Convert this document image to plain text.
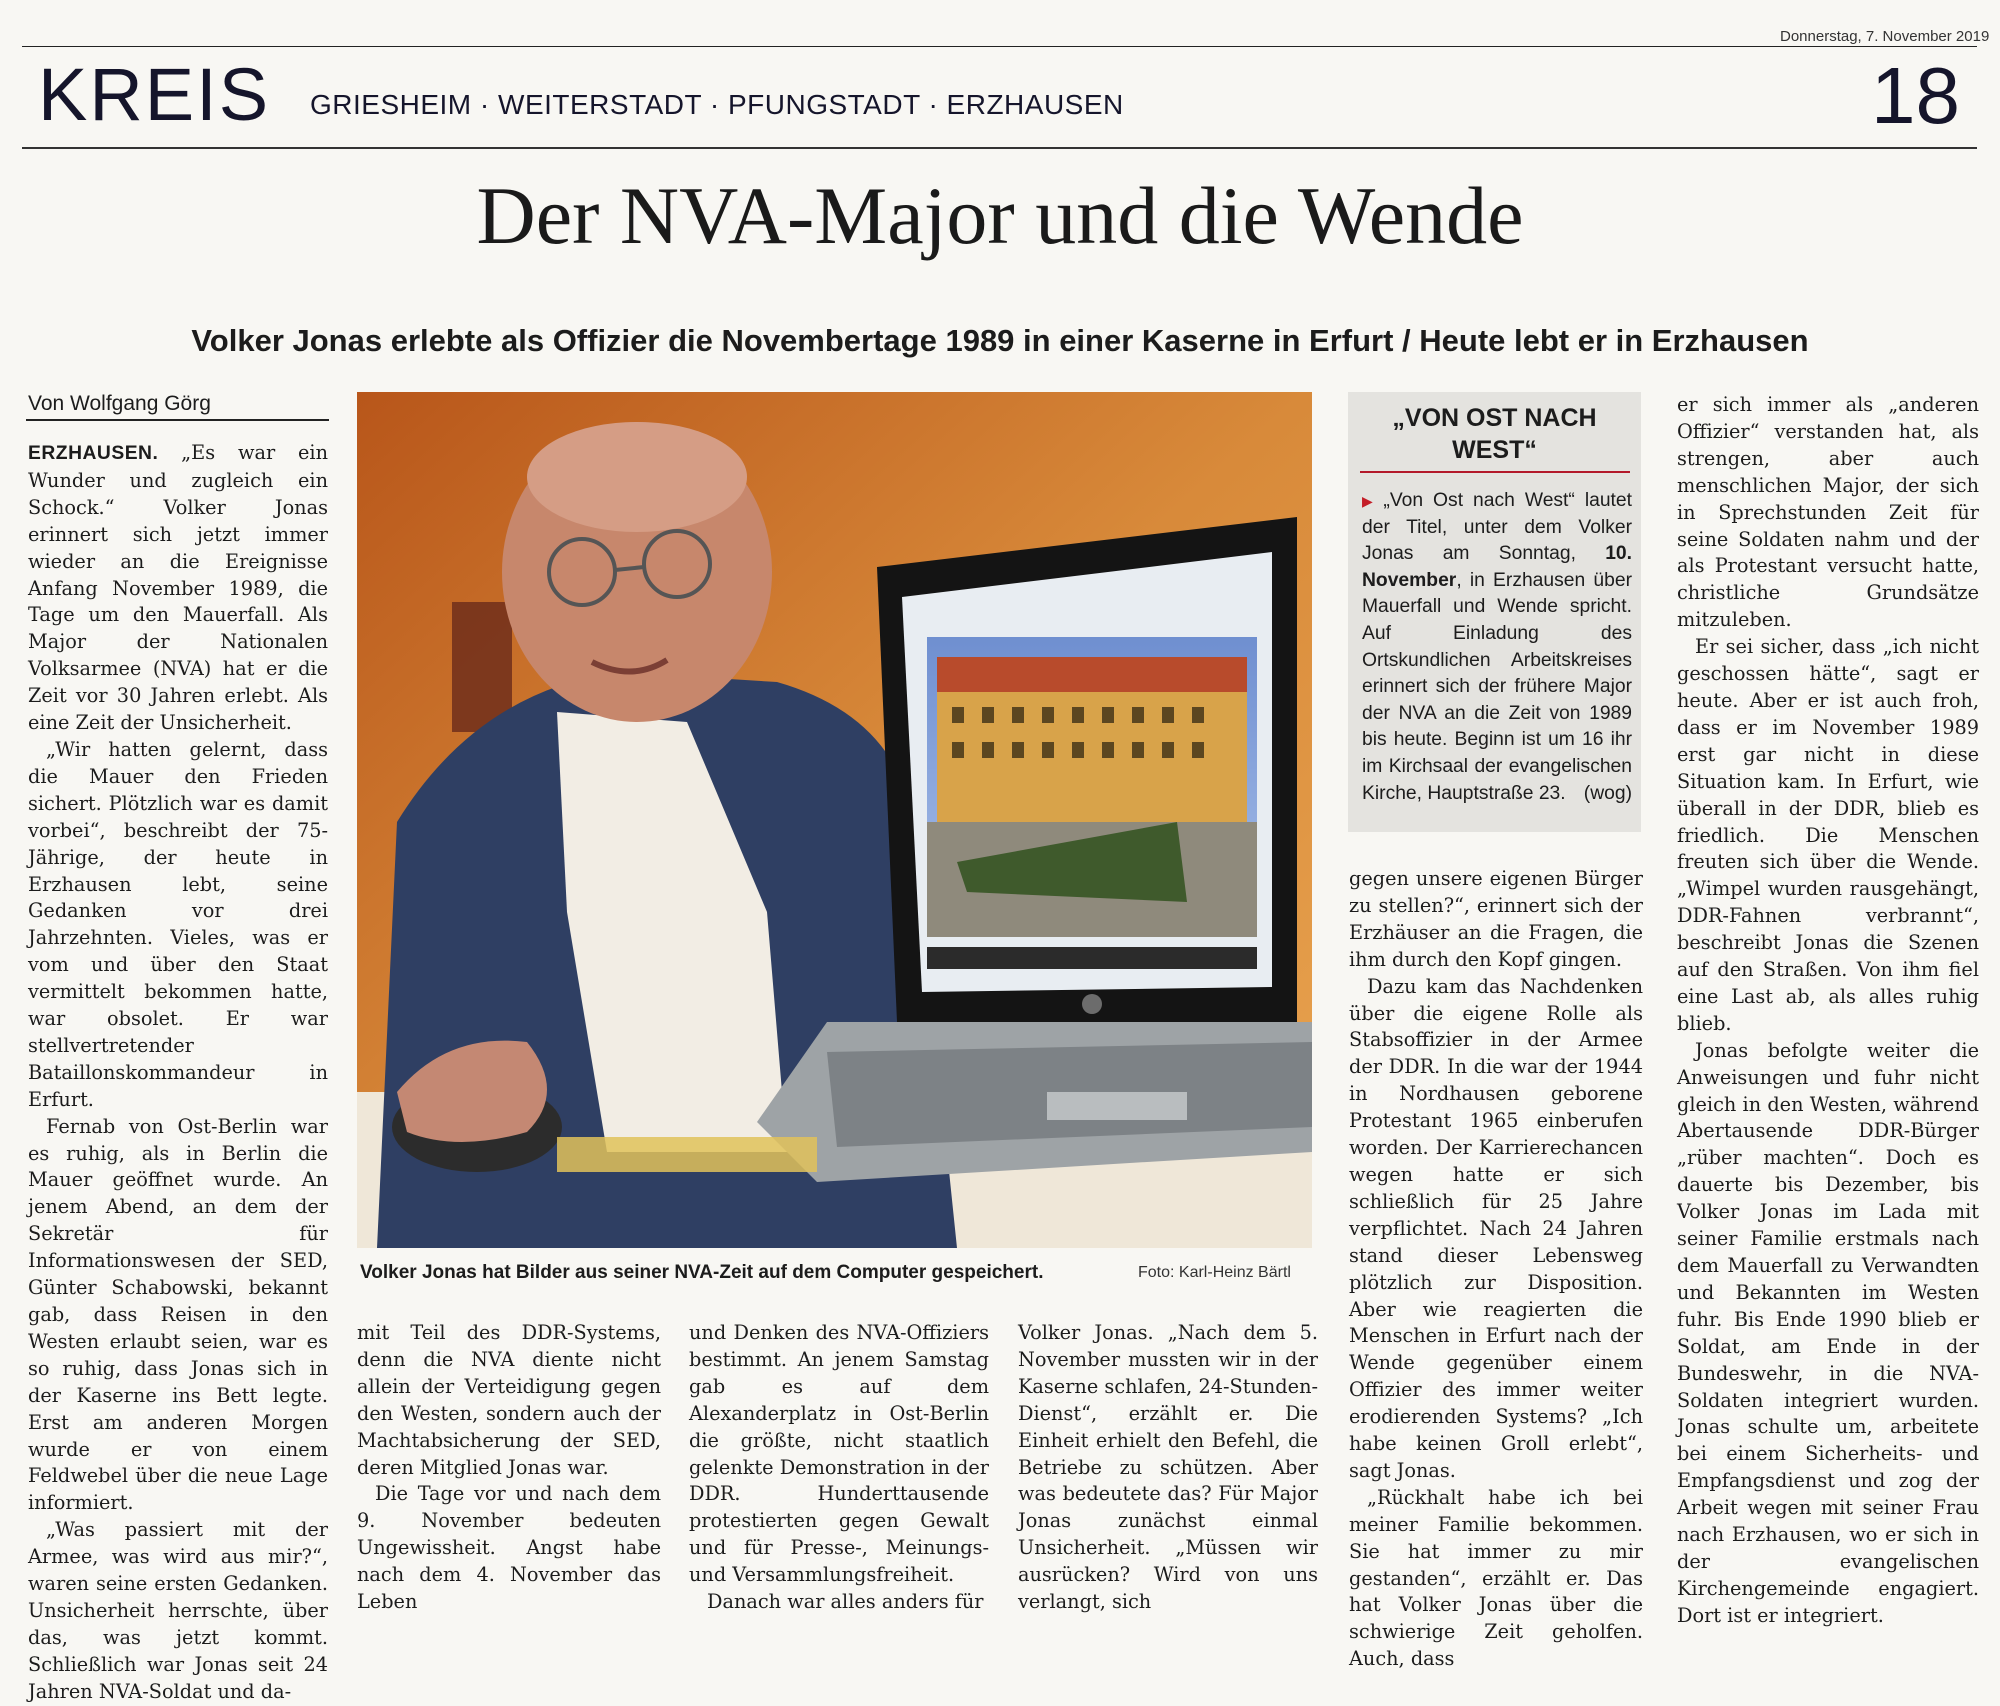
Donnerstag, 7. November 2019
KREIS GRIESHEIM · WEITERSTADT · PFUNGSTADT · ERZHAUSEN	18
Der NVA-Major und die Wende
Volker Jonas erlebte als Offizier die Novembertage 1989 in einer Kaserne in Erfurt / Heute lebt er in Erzhausen
Von Wolfgang Görg

ERZHAUSEN. „Es war ein Wunder und zugleich ein Schock.“ Volker Jonas erinnert sich jetzt immer wieder an die Ereignisse Anfang November 1989, die Tage um den Mauerfall. Als Major der Nationalen Volksarmee (NVA) hat er die Zeit vor 30 Jahren erlebt. Als eine Zeit der Unsicherheit.

„Wir hatten gelernt, dass die Mauer den Frieden sichert. Plötzlich war es damit vorbei“, beschreibt der 75-Jährige, der heute in Erzhausen lebt, seine Gedanken vor drei Jahrzehnten. Vieles, was er vom und über den Staat vermittelt bekommen hatte, war obsolet. Er war stellvertretender Bataillonskommandeur in Erfurt.

Fernab von Ost-Berlin war es ruhig, als in Berlin die Mauer geöffnet wurde. An jenem Abend, an dem der Sekretär für Informationswesen der SED, Günter Schabowski, bekannt gab, dass Reisen in den Westen erlaubt seien, war es so ruhig, dass Jonas sich in der Kaserne ins Bett legte. Erst am anderen Morgen wurde er von einem Feldwebel über die neue Lage informiert.

„Was passiert mit der Armee, was wird aus mir?“, waren seine ersten Gedanken. Unsicherheit herrschte, über das, was jetzt kommt. Schließlich war Jonas seit 24 Jahren NVA-Soldat und da-

Volker Jonas hat Bilder aus seiner NVA-Zeit auf dem Computer gespeichert.	Foto: Karl-Heinz Bärtl
„VON OST NACH WEST“
▶ „Von Ost nach West“ lautet der Titel, unter dem Volker Jonas am Sonntag, 10. November, in Erzhausen über Mauerfall und Wende spricht. Auf Einladung des Ortskundlichen Arbeitskreises erinnert sich der frühere Major der NVA an die Zeit von 1989 bis heute. Beginn ist um 16 ihr im Kirchsaal der evangelischen Kirche, Hauptstraße 23. (wog)

mit Teil des DDR-Systems, denn die NVA diente nicht allein der Verteidigung gegen den Westen, sondern auch der Machtabsicherung der SED, deren Mitglied Jonas war.

Die Tage vor und nach dem 9. November bedeuten Ungewissheit. Angst habe nach dem 4. November das Leben

und Denken des NVA-Offiziers bestimmt. An jenem Samstag gab es auf dem Alexanderplatz in Ost-Berlin die größte, nicht staatlich gelenkte Demonstration in der DDR. Hunderttausende protestierten gegen Gewalt und für Presse-, Meinungs- und Versammlungsfreiheit.

Danach war alles anders für

Volker Jonas. „Nach dem 5. November mussten wir in der Kaserne schlafen, 24-Stunden-Dienst“, erzählt er. Die Einheit erhielt den Befehl, die Betriebe zu schützen. Aber was bedeutete das? Für Major Jonas zunächst einmal Unsicherheit. „Müssen wir ausrücken? Wird von uns verlangt, sich

gegen unsere eigenen Bürger zu stellen?“, erinnert sich der Erzhäuser an die Fragen, die ihm durch den Kopf gingen.

Dazu kam das Nachdenken über die eigene Rolle als Stabsoffizier in der Armee der DDR. In die war der 1944 in Nordhausen geborene Protestant 1965 einberufen worden. Der Karrierechancen wegen hatte er sich schließlich für 25 Jahre verpflichtet. Nach 24 Jahren stand dieser Lebensweg plötzlich zur Disposition. Aber wie reagierten die Menschen in Erfurt nach der Wende gegenüber einem Offizier des immer weiter erodierenden Systems? „Ich habe keinen Groll erlebt“, sagt Jonas.

„Rückhalt habe ich bei meiner Familie bekommen. Sie hat immer zu mir gestanden“, erzählt er. Das hat Volker Jonas über die schwierige Zeit geholfen. Auch, dass

er sich immer als „anderen Offizier“ verstanden hat, als strengen, aber auch menschlichen Major, der sich in Sprechstunden Zeit für seine Soldaten nahm und der als Protestant versucht hatte, christliche Grundsätze mitzuleben.

Er sei sicher, dass „ich nicht geschossen hätte“, sagt er heute. Aber er ist auch froh, dass er im November 1989 erst gar nicht in diese Situation kam. In Erfurt, wie überall in der DDR, blieb es friedlich. Die Menschen freuten sich über die Wende. „Wimpel wurden rausgehängt, DDR-Fahnen verbrannt“, beschreibt Jonas die Szenen auf den Straßen. Von ihm fiel eine Last ab, als alles ruhig blieb.

Jonas befolgte weiter die Anweisungen und fuhr nicht gleich in den Westen, während Abertausende DDR-Bürger „rüber machten“. Doch es dauerte bis Dezember, bis Volker Jonas im Lada mit seiner Familie erstmals nach dem Mauerfall zu Verwandten und Bekannten im Westen fuhr. Bis Ende 1990 blieb er Soldat, am Ende in der Bundeswehr, in die NVA-Soldaten integriert wurden. Jonas schulte um, arbeitete bei einem Sicherheits- und Empfangsdienst und zog der Arbeit wegen mit seiner Frau nach Erzhausen, wo er sich in der evangelischen Kirchengemeinde engagiert. Dort ist er integriert.
